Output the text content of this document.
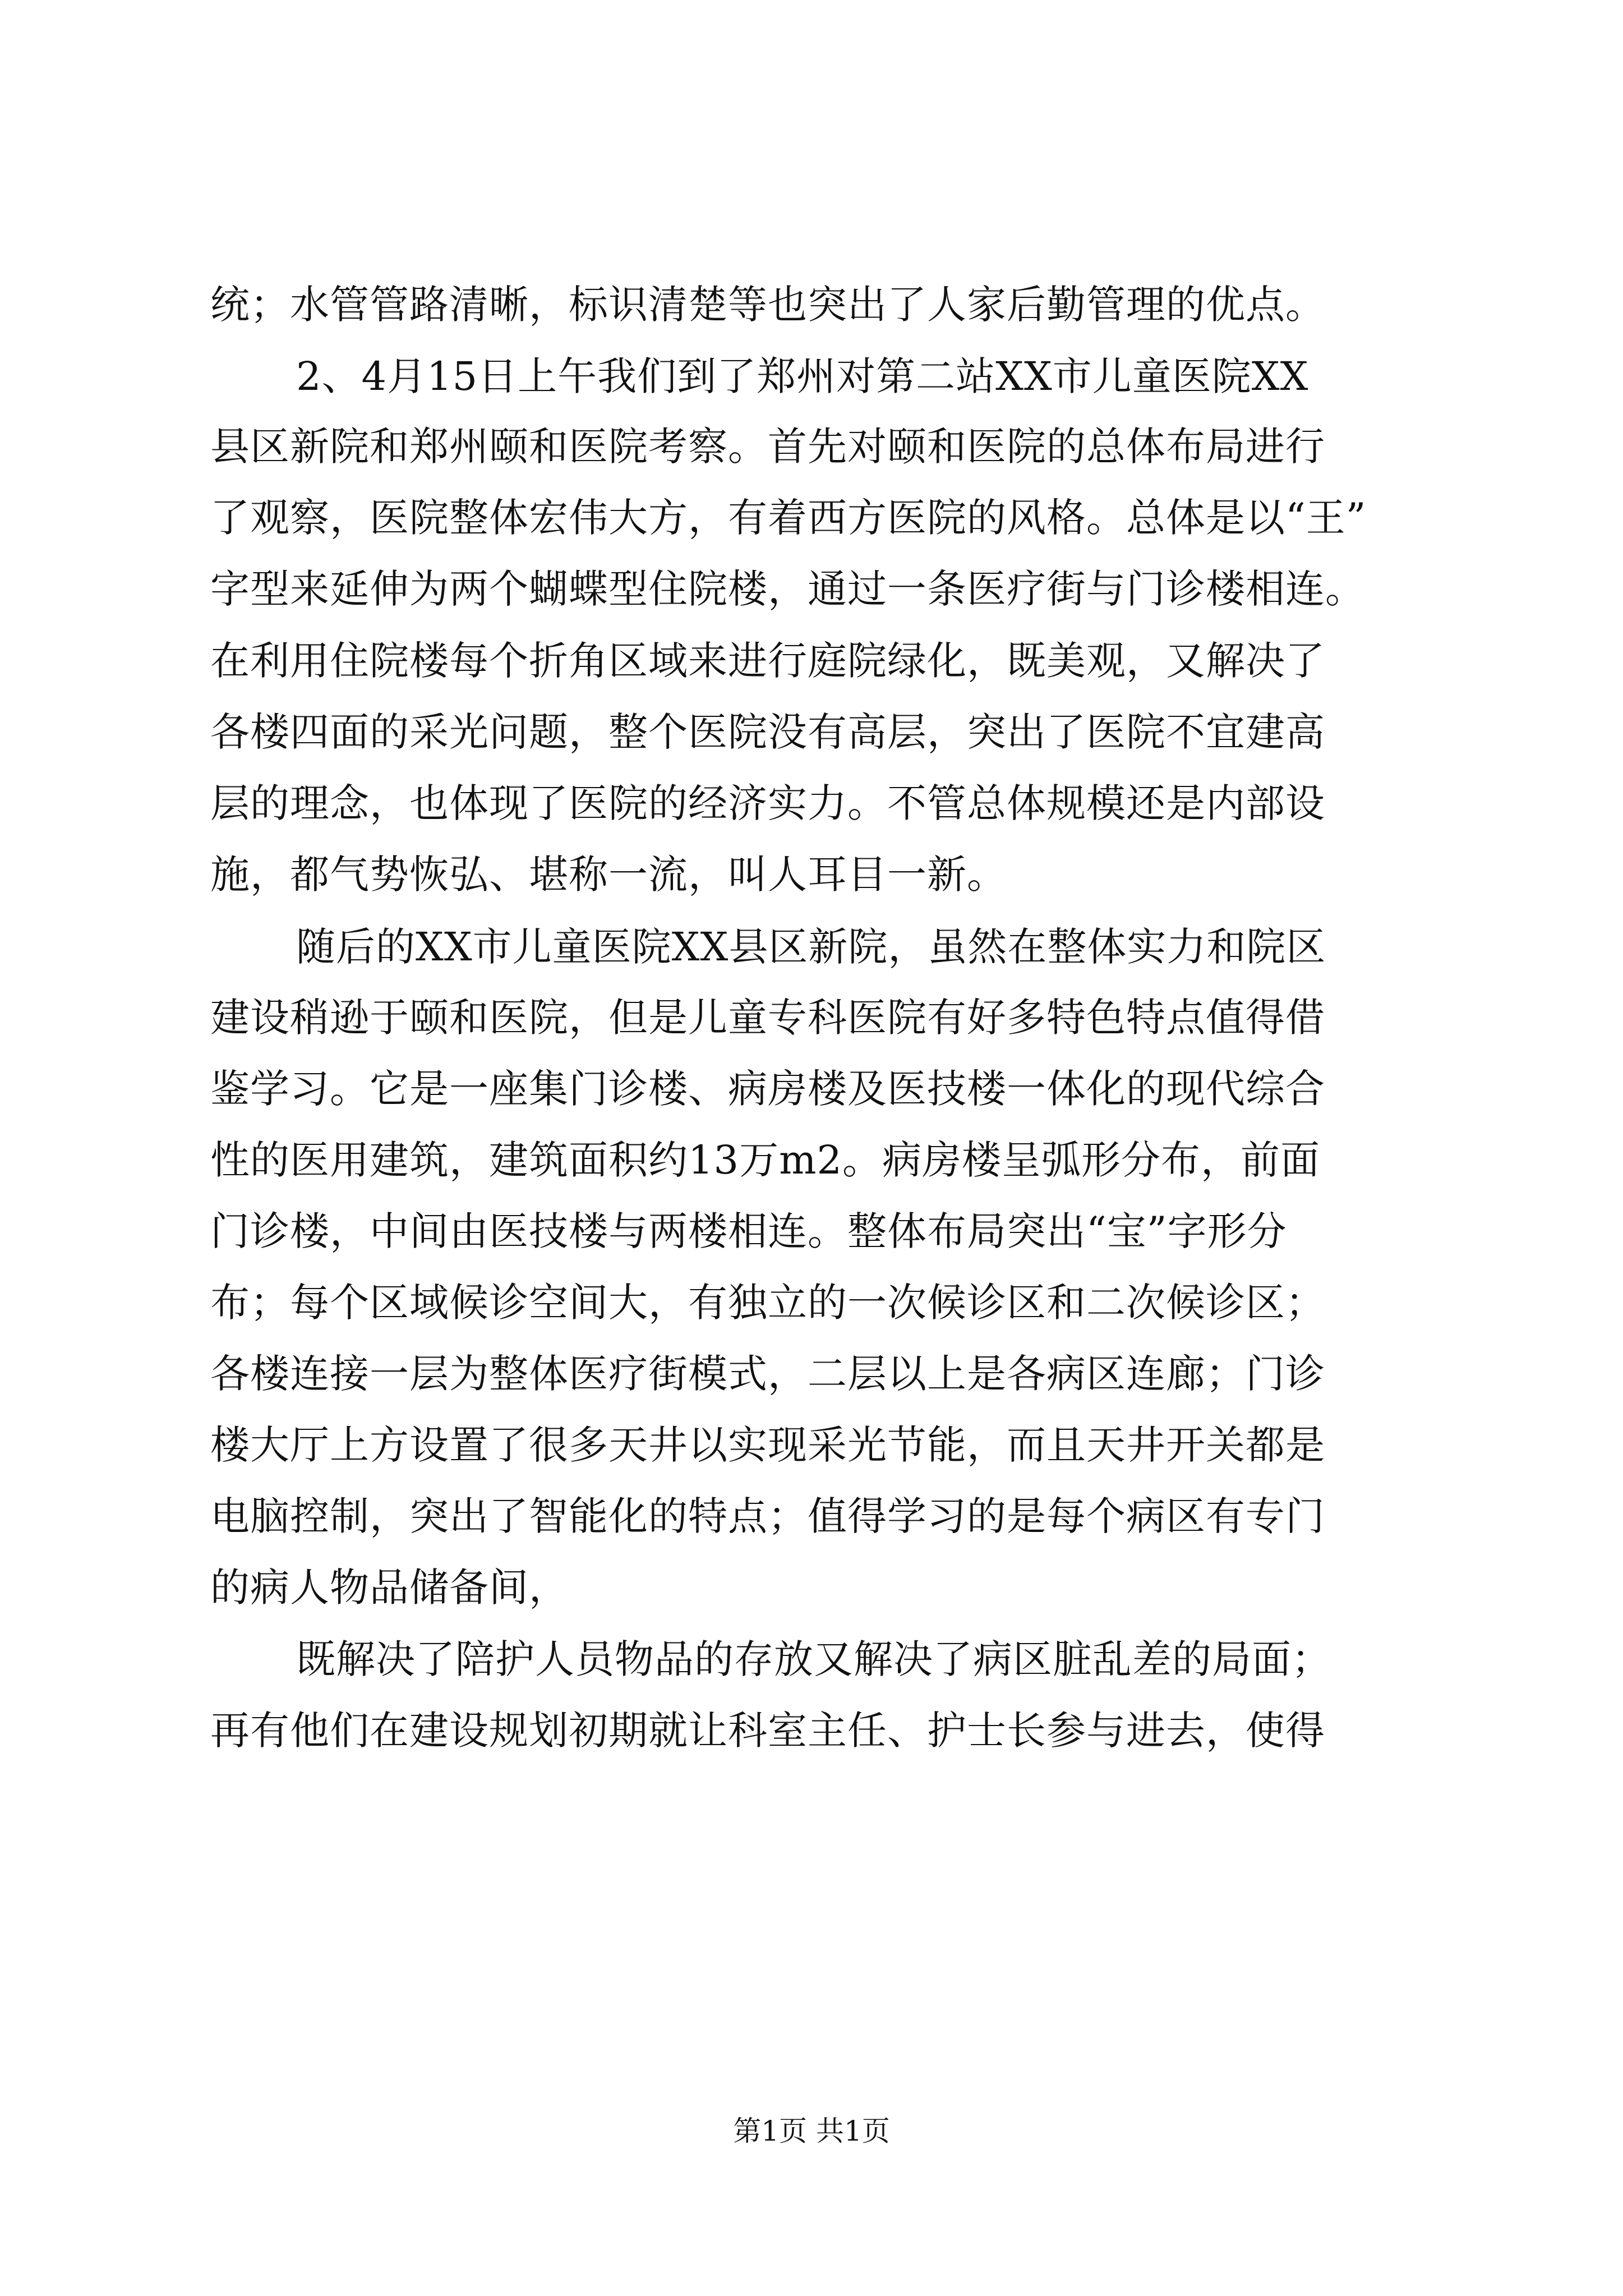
统；水管管路清晰，标识清楚等也突出了人家后勤管理的优点。
2、4月15日上午我们到了郑州对第二站XX市儿童医院XX
县区新院和郑州颐和医院考察。首先对颐和医院的总体布局进行
了观察，医院整体宏伟大方，有着西方医院的风格。总体是以“王”
字型来延伸为两个蝴蝶型住院楼，通过一条医疗街与门诊楼相连。
在利用住院楼每个折角区域来进行庭院绿化，既美观，又解决了
各楼四面的采光问题，整个医院没有高层，突出了医院不宜建高
层的理念，也体现了医院的经济实力。不管总体规模还是内部设
施，都气势恢弘、堪称一流，叫人耳目一新。
随后的XX市儿童医院XX县区新院，虽然在整体实力和院区
建设稍逊于颐和医院，但是儿童专科医院有好多特色特点值得借
鉴学习。它是一座集门诊楼、病房楼及医技楼一体化的现代综合
性的医用建筑，建筑面积约13万m2。病房楼呈弧形分布，前面
门诊楼，中间由医技楼与两楼相连。整体布局突出“宝”字形分
布；每个区域候诊空间大，有独立的一次候诊区和二次候诊区；
各楼连接一层为整体医疗街模式，二层以上是各病区连廊；门诊
楼大厅上方设置了很多天井以实现采光节能，而且天井开关都是
电脑控制，突出了智能化的特点；值得学习的是每个病区有专门
的病人物品储备间，
既解决了陪护人员物品的存放又解决了病区脏乱差的局面；
再有他们在建设规划初期就让科室主任、护士长参与进去，使得
第1页 共1页
